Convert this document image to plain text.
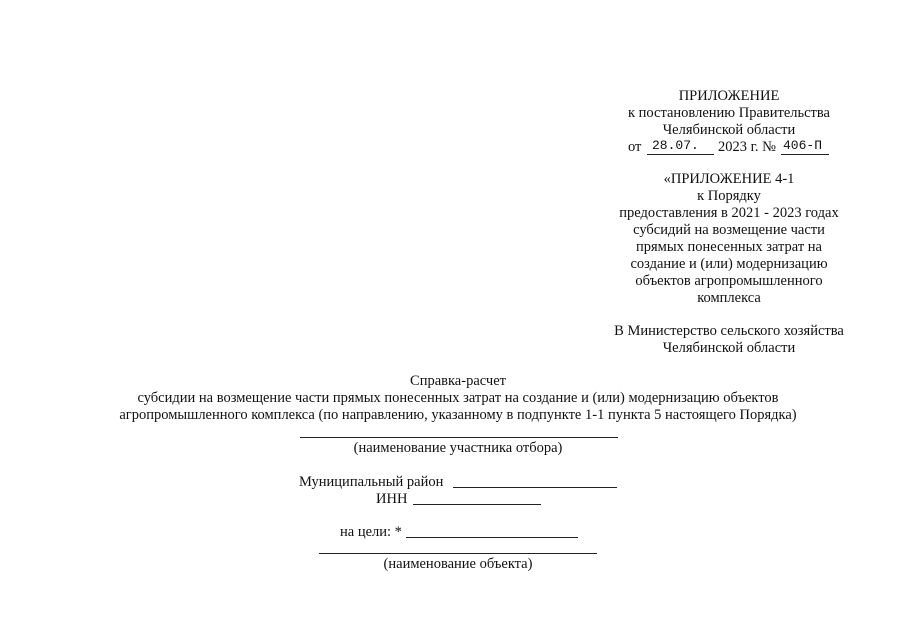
ПРИЛОЖЕНИЕ
к постановлению Правительства
Челябинской области
от 28.07. 2023 г. № 406-П
«ПРИЛОЖЕНИЕ 4-1
к Порядку
предоставления в 2021 - 2023 годах
субсидий на возмещение части
прямых понесенных затрат на
создание и (или) модернизацию
объектов агропромышленного
комплекса
В Министерство сельского хозяйства
Челябинской области
Справка-расчет
субсидии на возмещение части прямых понесенных затрат на создание и (или) модернизацию объектов
агропромышленного комплекса (по направлению, указанному в подпункте 1-1 пункта 5 настоящего Порядка)
(наименование участника отбора)
Муниципальный район
ИНН
на цели: *
(наименование объекта)
